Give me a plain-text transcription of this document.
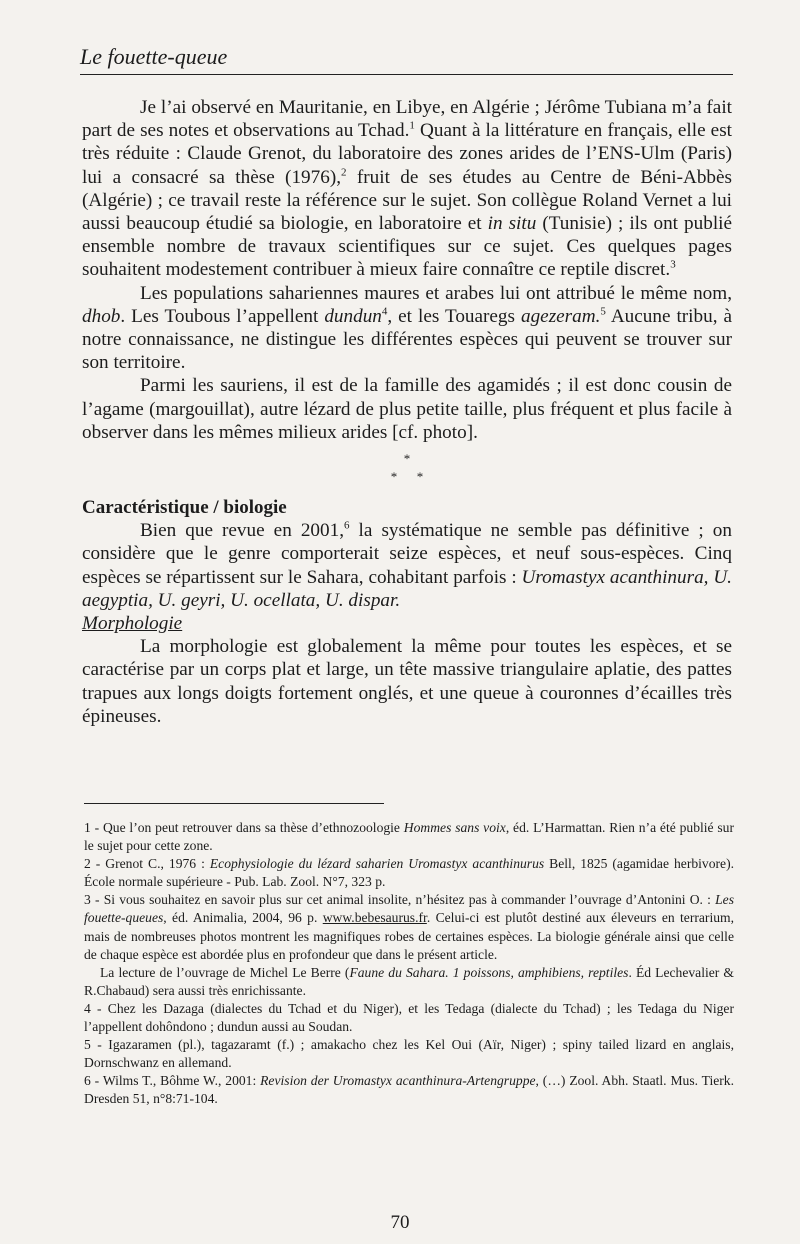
Le fouette-queue

Je l’ai observé en Mauritanie, en Libye, en Algérie ; Jérôme Tubiana m’a fait part de ses notes et observations au Tchad.$^1$ Quant à la littérature en français, elle est très réduite : Claude Grenot, du laboratoire des zones arides de l’ENS-Ulm (Paris) lui a consacré sa thèse (1976),$^2$ fruit de ses études au Centre de Béni-Abbès (Algérie) ; ce travail reste la référence sur le sujet. Son collègue Roland Vernet a lui aussi beaucoup étudié sa biologie, en laboratoire et in situ (Tunisie) ; ils ont publié ensemble nombre de travaux scientifiques sur ce sujet. Ces quelques pages souhaitent modestement contribuer à mieux faire connaître ce reptile discret.$^3$

Les populations sahariennes maures et arabes lui ont attribué le même nom, dhob. Les Toubous l’appellent dundun$^4$, et les Touaregs agezeram.$^5$ Aucune tribu, à notre connaissance, ne distingue les différentes espèces qui peuvent se trouver sur son territoire.

Parmi les sauriens, il est de la famille des agamidés ; il est donc cousin de l’agame (margouillat), autre lézard de plus petite taille, plus fréquent et plus facile à observer dans les mêmes milieux arides [cf. photo].

*
* *

Caractéristique / biologie

Bien que revue en 2001,$^6$ la systématique ne semble pas définitive ; on considère que le genre comporterait seize espèces, et neuf sous-espèces. Cinq espèces se répartissent sur le Sahara, cohabitant parfois : Uromastyx acanthinura, U. aegyptia, U. geyri, U. ocellata, U. dispar.

Morphologie

La morphologie est globalement la même pour toutes les espèces, et se caractérise par un corps plat et large, un tête massive triangulaire aplatie, des pattes trapues aux longs doigts fortement onglés, et une queue à couronnes d’écailles très épineuses.

1 - Que l’on peut retrouver dans sa thèse d’ethnozoologie Hommes sans voix, éd. L’Harmattan. Rien n’a été publié sur le sujet pour cette zone.

2 - Grenot C., 1976 : Ecophysiologie du lézard saharien Uromastyx acanthinurus Bell, 1825 (agamidae herbivore). École normale supérieure - Pub. Lab. Zool. N°7, 323 p.

3 - Si vous souhaitez en savoir plus sur cet animal insolite, n’hésitez pas à commander l’ouvrage d’Antonini O. : Les fouette-queues, éd. Animalia, 2004, 96 p. www.bebesaurus.fr. Celui-ci est plutôt destiné aux éleveurs en terrarium, mais de nombreuses photos montrent les magnifiques robes de certaines espèces. La biologie générale ainsi que celle de chaque espèce est abordée plus en profondeur que dans le présent article.

La lecture de l’ouvrage de Michel Le Berre (Faune du Sahara. 1 poissons, amphibiens, reptiles. Éd Lechevalier & R.Chabaud) sera aussi très enrichissante.

4 - Chez les Dazaga (dialectes du Tchad et du Niger), et les Tedaga (dialecte du Tchad) ; les Tedaga du Niger l’appellent dohôndono ; dundun aussi au Soudan.

5 - Igazaramen (pl.), tagazaramt (f.) ; amakacho chez les Kel Oui (Aïr, Niger) ; spiny tailed lizard en anglais, Dornschwanz en allemand.

6 - Wilms T., Bôhme W., 2001: Revision der Uromastyx acanthinura-Artengruppe, (…) Zool. Abh. Staatl. Mus. Tierk. Dresden 51, n°8:71-104.

70
